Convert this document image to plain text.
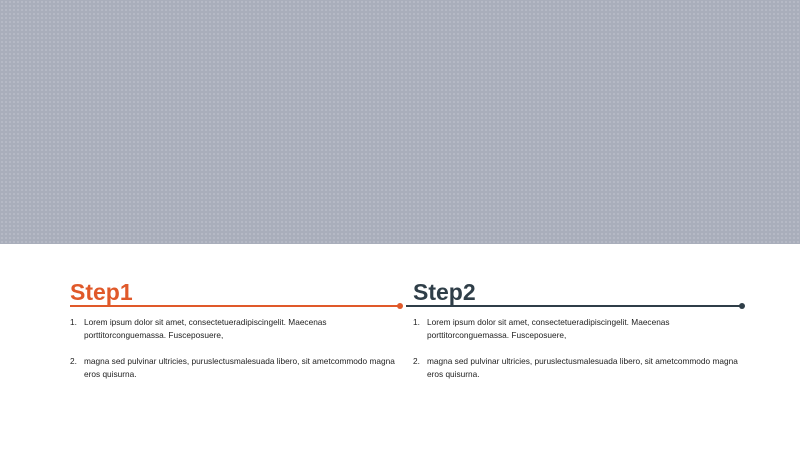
Step1
1. Lorem ipsum dolor sit amet, consectetueradipiscingelit. Maecenas porttitorconguemassa. Fusceposuere,
2. magna sed pulvinar ultricies, puruslectusmalesuada libero, sit ametcommodo magna eros quisurna.
Step2
1. Lorem ipsum dolor sit amet, consectetueradipiscingelit. Maecenas porttitorconguemassa. Fusceposuere,
2. magna sed pulvinar ultricies, puruslectusmalesuada libero, sit ametcommodo magna eros quisurna.
